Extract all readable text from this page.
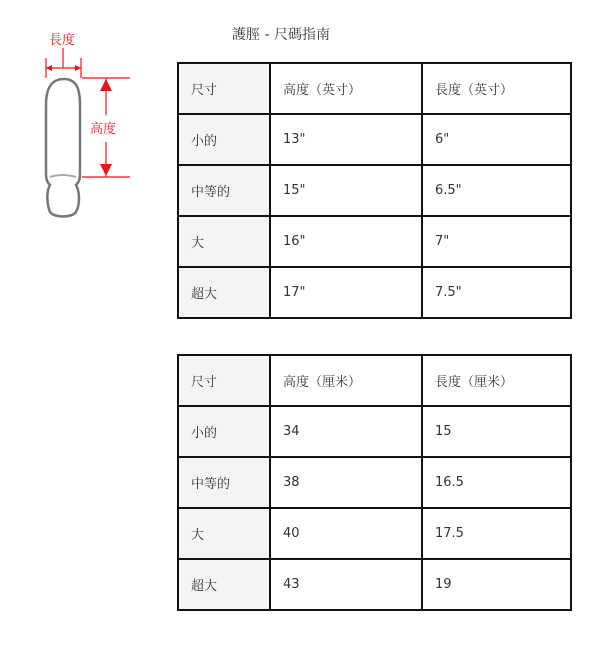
長度
高度
護脛 - 尺碼指南
尺寸	高度（英寸）	長度（英寸）
小的	13"	6"
中等的	15"	6.5"
大	16"	7"
超大	17"	7.5"
尺寸	高度（厘米）	長度（厘米）
小的	34	15
中等的	38	16.5
大	40	17.5
超大	43	19
